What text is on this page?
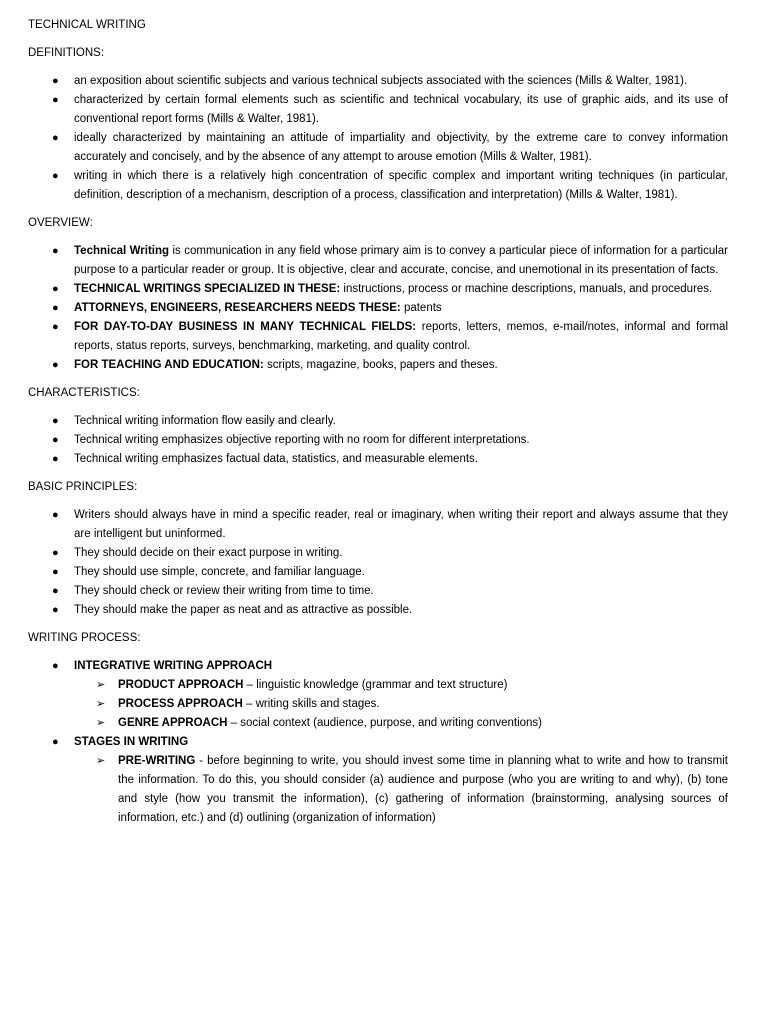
TECHNICAL WRITING
DEFINITIONS:
● an exposition about scientific subjects and various technical subjects associated with the sciences (Mills & Walter, 1981).
● characterized by certain formal elements such as scientific and technical vocabulary, its use of graphic aids, and its use of conventional report forms (Mills & Walter, 1981).
● ideally characterized by maintaining an attitude of impartiality and objectivity, by the extreme care to convey information accurately and concisely, and by the absence of any attempt to arouse emotion (Mills & Walter, 1981).
● writing in which there is a relatively high concentration of specific complex and important writing techniques (in particular, definition, description of a mechanism, description of a process, classification and interpretation) (Mills & Walter, 1981).
OVERVIEW:
● Technical Writing is communication in any field whose primary aim is to convey a particular piece of information for a particular purpose to a particular reader or group. It is objective, clear and accurate, concise, and unemotional in its presentation of facts.
● TECHNICAL WRITINGS SPECIALIZED IN THESE: instructions, process or machine descriptions, manuals, and procedures.
● ATTORNEYS, ENGINEERS, RESEARCHERS NEEDS THESE: patents
● FOR DAY-TO-DAY BUSINESS IN MANY TECHNICAL FIELDS: reports, letters, memos, e-mail/notes, informal and formal reports, status reports, surveys, benchmarking, marketing, and quality control.
● FOR TEACHING AND EDUCATION: scripts, magazine, books, papers and theses.
CHARACTERISTICS:
● Technical writing information flow easily and clearly.
● Technical writing emphasizes objective reporting with no room for different interpretations.
● Technical writing emphasizes factual data, statistics, and measurable elements.
BASIC PRINCIPLES:
● Writers should always have in mind a specific reader, real or imaginary, when writing their report and always assume that they are intelligent but uninformed.
● They should decide on their exact purpose in writing.
● They should use simple, concrete, and familiar language.
● They should check or review their writing from time to time.
● They should make the paper as neat and as attractive as possible.
WRITING PROCESS:
● INTEGRATIVE WRITING APPROACH
➢ PRODUCT APPROACH – linguistic knowledge (grammar and text structure)
➢ PROCESS APPROACH – writing skills and stages.
➢ GENRE APPROACH – social context (audience, purpose, and writing conventions)
● STAGES IN WRITING
➢ PRE-WRITING - before beginning to write, you should invest some time in planning what to write and how to transmit the information. To do this, you should consider (a) audience and purpose (who you are writing to and why), (b) tone and style (how you transmit the information), (c) gathering of information (brainstorming, analysing sources of information, etc.) and (d) outlining (organization of information)
